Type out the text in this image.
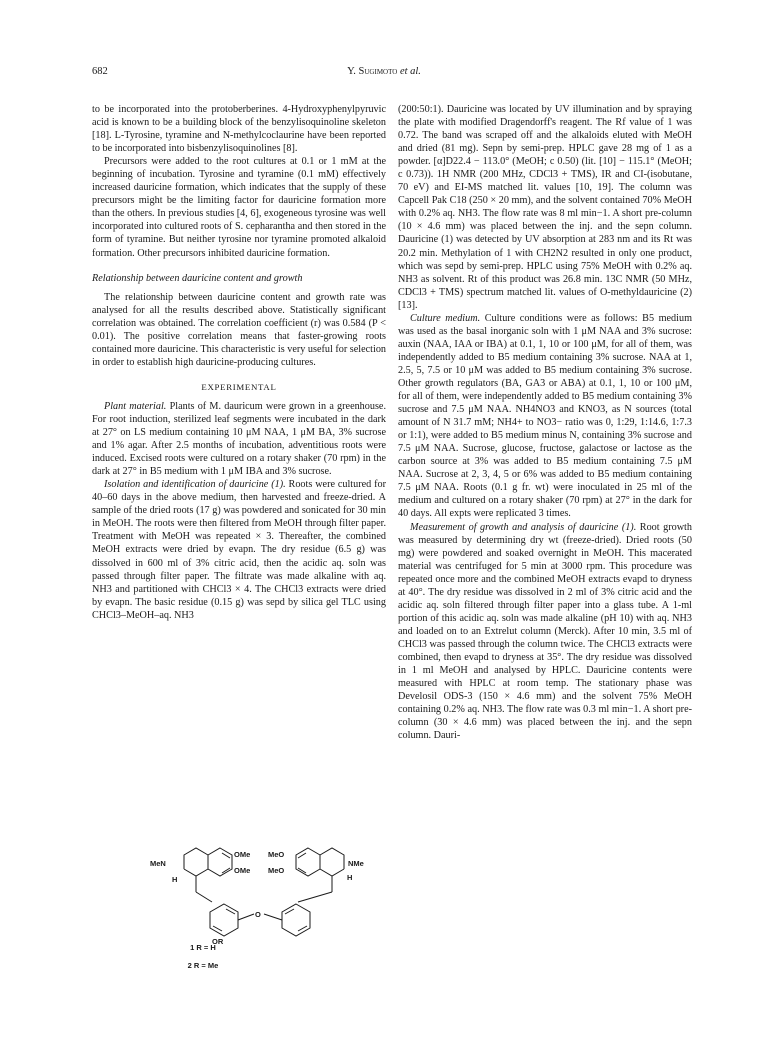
682	Y. Sugimoto et al.

to be incorporated into the protoberberines. 4-Hydroxyphenylpyruvic acid is known to be a building block of the benzylisoquinoline skeleton [18]. L-Tyrosine, tyramine and N-methylcoclaurine have been reported to be incorporated into bisbenzylisoquinolines [8].

Precursors were added to the root cultures at 0.1 or 1 mM at the beginning of incubation. Tyrosine and tyramine (0.1 mM) effectively increased dauricine formation, which indicates that the supply of these precursors might be the limiting factor for dauricine formation more than the others. In previous studies [4, 6], exogeneous tyrosine was well incorporated into cultured roots of S. cepharantha and then stored in the form of tyramine. But neither tyrosine nor tyramine promoted alkaloid formation. Other precursors inhibited dauricine formation.

Relationship between dauricine content and growth

The relationship between dauricine content and growth rate was analysed for all the results described above. Statistically significant correlation was obtained. The correlation coefficient (r) was 0.584 (P < 0.01). The positive correlation means that faster-growing roots contained more dauricine. This characteristic is very useful for selection in order to establish high dauricine-producing cultures.

EXPERIMENTAL

Plant material. Plants of M. dauricum were grown in a greenhouse. For root induction, sterilized leaf segments were incubated in the dark at 27° on LS medium containing 10 μM NAA, 1 μM BA, 3% sucrose and 1% agar. After 2.5 months of incubation, adventitious roots were induced. Excised roots were cultured on a rotary shaker (70 rpm) in the dark at 27° in B5 medium with 1 μM IBA and 3% sucrose.

Isolation and identification of dauricine (1). Roots were cultured for 40–60 days in the above medium, then harvested and freeze-dried. A sample of the dried roots (17 g) was powdered and sonicated for 30 min in MeOH. The roots were then filtered from MeOH through filter paper. Treatment with MeOH was repeated × 3. Thereafter, the combined MeOH extracts were dried by evapn. The dry residue (6.5 g) was dissolved in 600 ml of 3% citric acid, then the acidic aq. soln was passed through filter paper. The filtrate was made alkaline with aq. NH3 and partitioned with CHCl3 × 4. The CHCl3 extracts were dried by evapn. The basic residue (0.15 g) was sepd by silica gel TLC using CHCl3–MeOH–aq. NH3

OMe MeO
OMe MeO
MeN	NMe
H	H
O
OR
1 R = H
2 R = Me

(200:50:1). Dauricine was located by UV illumination and by spraying the plate with modified Dragendorff's reagent. The Rf value of 1 was 0.72. The band was scraped off and the alkaloids eluted with MeOH and dried (81 mg). Sepn by semi-prep. HPLC gave 28 mg of 1 as a powder. [α]D22.4 − 113.0° (MeOH; c 0.50) (lit. [10] − 115.1° (MeOH; c 0.73)). 1H NMR (200 MHz, CDCl3 + TMS), IR and CI-(isobutane, 70 eV) and EI-MS matched lit. values [10, 19]. The column was Capcell Pak C18 (250 × 20 mm), and the solvent contained 70% MeOH with 0.2% aq. NH3. The flow rate was 8 ml min−1. A short pre-column (10 × 4.6 mm) was placed between the inj. and the sepn column. Dauricine (1) was detected by UV absorption at 283 nm and its Rt was 20.2 min. Methylation of 1 with CH2N2 resulted in only one product, which was sepd by semi-prep. HPLC using 75% MeOH with 0.2% aq. NH3 as solvent. Rt of this product was 26.8 min. 13C NMR (50 MHz, CDCl3 + TMS) spectrum matched lit. values of O-methyldauricine (2) [13].

Culture medium. Culture conditions were as follows: B5 medium was used as the basal inorganic soln with 1 μM NAA and 3% sucrose: auxin (NAA, IAA or IBA) at 0.1, 1, 10 or 100 μM, for all of them, was independently added to B5 medium containing 3% sucrose. NAA at 1, 2.5, 5, 7.5 or 10 μM was added to B5 medium containing 3% sucrose. Other growth regulators (BA, GA3 or ABA) at 0.1, 1, 10 or 100 μM, for all of them, were independently added to B5 medium containing 3% sucrose and 7.5 μM NAA. NH4NO3 and KNO3, as N sources (total amount of N 31.7 mM; NH4+ to NO3− ratio was 0, 1:29, 1:14.6, 1:7.3 or 1:1), were added to B5 medium minus N, containing 3% sucrose and 7.5 μM NAA. Sucrose, glucose, fructose, galactose or lactose as the carbon source at 3% was added to B5 medium containing 7.5 μM NAA. Sucrose at 2, 3, 4, 5 or 6% was added to B5 medium containing 7.5 μM NAA. Roots (0.1 g fr. wt) were inoculated in 25 ml of the medium and cultured on a rotary shaker (70 rpm) at 27° in the dark for 40 days. All expts were replicated 3 times.

Measurement of growth and analysis of dauricine (1). Root growth was measured by determining dry wt (freeze-dried). Dried roots (50 mg) were powdered and soaked overnight in MeOH. This macerated material was centrifuged for 5 min at 3000 rpm. This procedure was repeated once more and the combined MeOH extracts evapd to dryness at 40°. The dry residue was dissolved in 2 ml of 3% citric acid and the acidic aq. soln filtered through filter paper into a glass tube. A 1-ml portion of this acidic aq. soln was made alkaline (pH 10) with aq. NH3 and loaded on to an Extrelut column (Merck). After 10 min, 3.5 ml of CHCl3 was passed through the column twice. The CHCl3 extracts were combined, then evapd to dryness at 35°. The dry residue was dissolved in 1 ml MeOH and analysed by HPLC. Dauricine contents were measured with HPLC at room temp. The stationary phase was Develosil ODS-3 (150 × 4.6 mm) and the solvent 75% MeOH containing 0.2% aq. NH3. The flow rate was 0.3 ml min−1. A short pre-column (30 × 4.6 mm) was placed between the inj. and the sepn column. Dauri-
